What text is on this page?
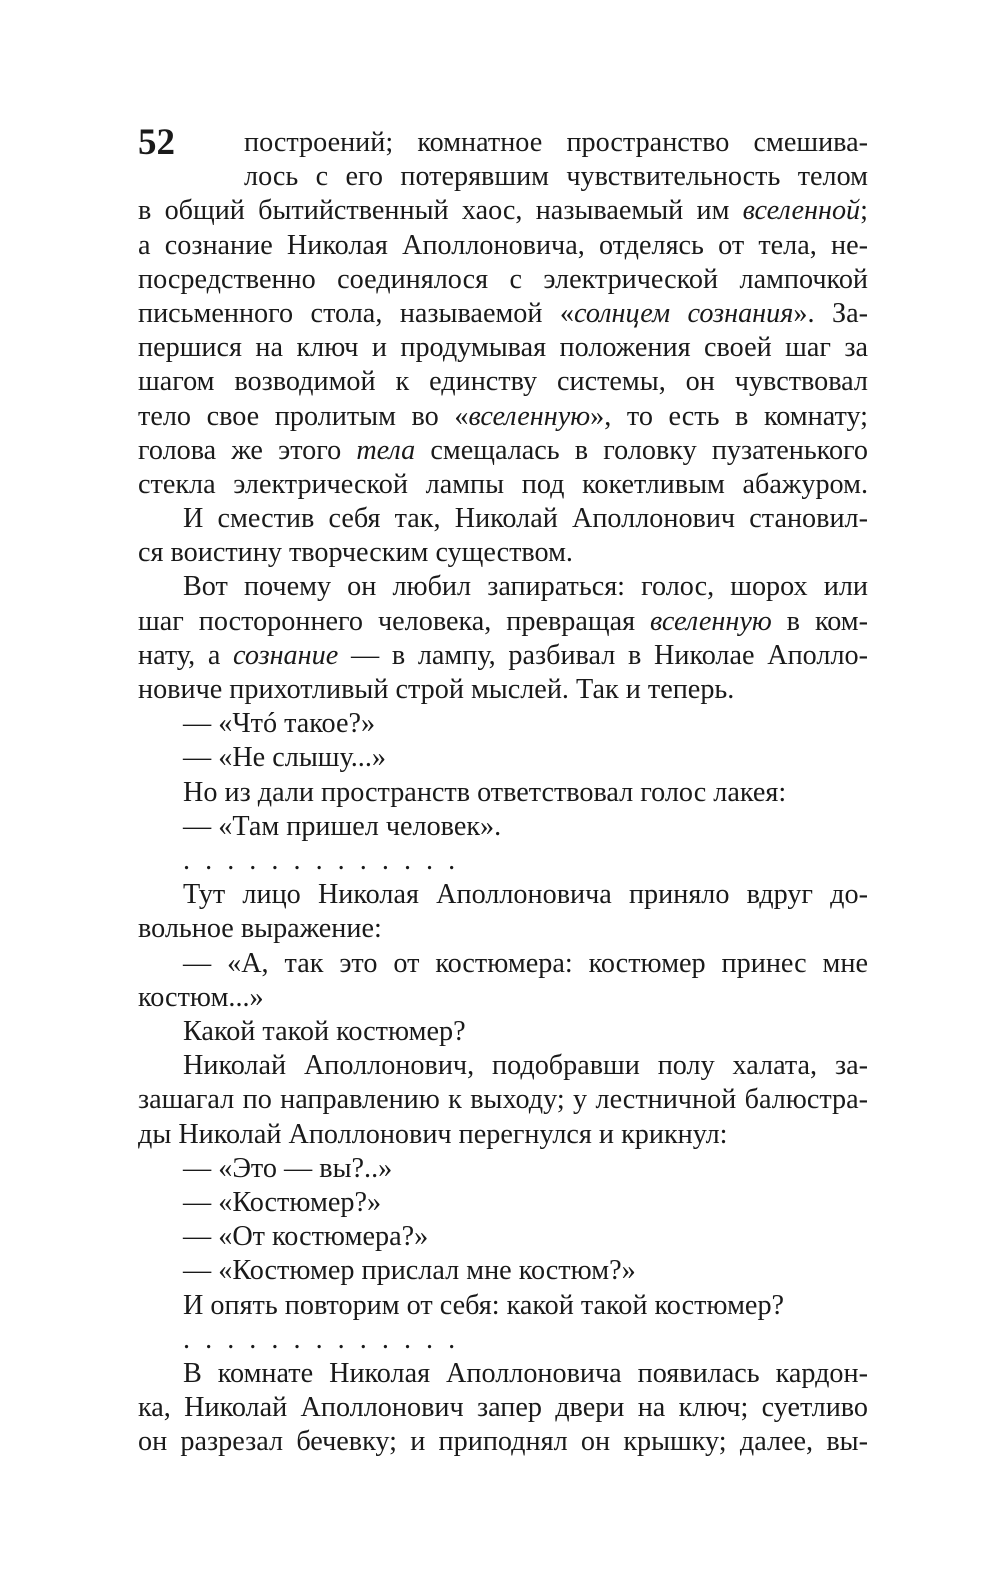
52	построений; комнатное пространство смешива-
лось с его потерявшим чувствительность телом
в общий бытийственный хаос, называемый им вселенной;
а сознание Николая Аполлоновича, отделясь от тела, не-
посредственно соединялося с электрической лампочкой
письменного стола, называемой «солнцем сознания». За-
першися на ключ и продумывая положения своей шаг за
шагом возводимой к единству системы, он чувствовал
тело свое пролитым во «вселенную», то есть в комнату;
голова же этого тела смещалась в головку пузатенького
стекла электрической лампы под кокетливым абажуром.
И сместив себя так, Николай Аполлонович становил-
ся воистину творческим существом.
Вот почему он любил запираться: голос, шорох или
шаг постороннего человека, превращая вселенную в ком-
нату, а сознание — в лампу, разбивал в Николае Аполло-
новиче прихотливый строй мыслей. Так и теперь.
— «Чтó такое?»
— «Не слышу...»
Но из дали пространств ответствовал голос лакея:
— «Там пришел человек».
. . . . . . . . . . . . .
Тут лицо Николая Аполлоновича приняло вдруг до-
вольное выражение:
— «А, так это от костюмера: костюмер принес мне
костюм...»
Какой такой костюмер?
Николай Аполлонович, подобравши полу халата, за-
зашагал по направлению к выходу; у лестничной балюстра-
ды Николай Аполлонович перегнулся и крикнул:
— «Это — вы?..»
— «Костюмер?»
— «От костюмера?»
— «Костюмер прислал мне костюм?»
И опять повторим от себя: какой такой костюмер?
. . . . . . . . . . . . .
В комнате Николая Аполлоновича появилась кардон-
ка, Николай Аполлонович запер двери на ключ; суетливо
он разрезал бечевку; и приподнял он крышку; далее, вы-
